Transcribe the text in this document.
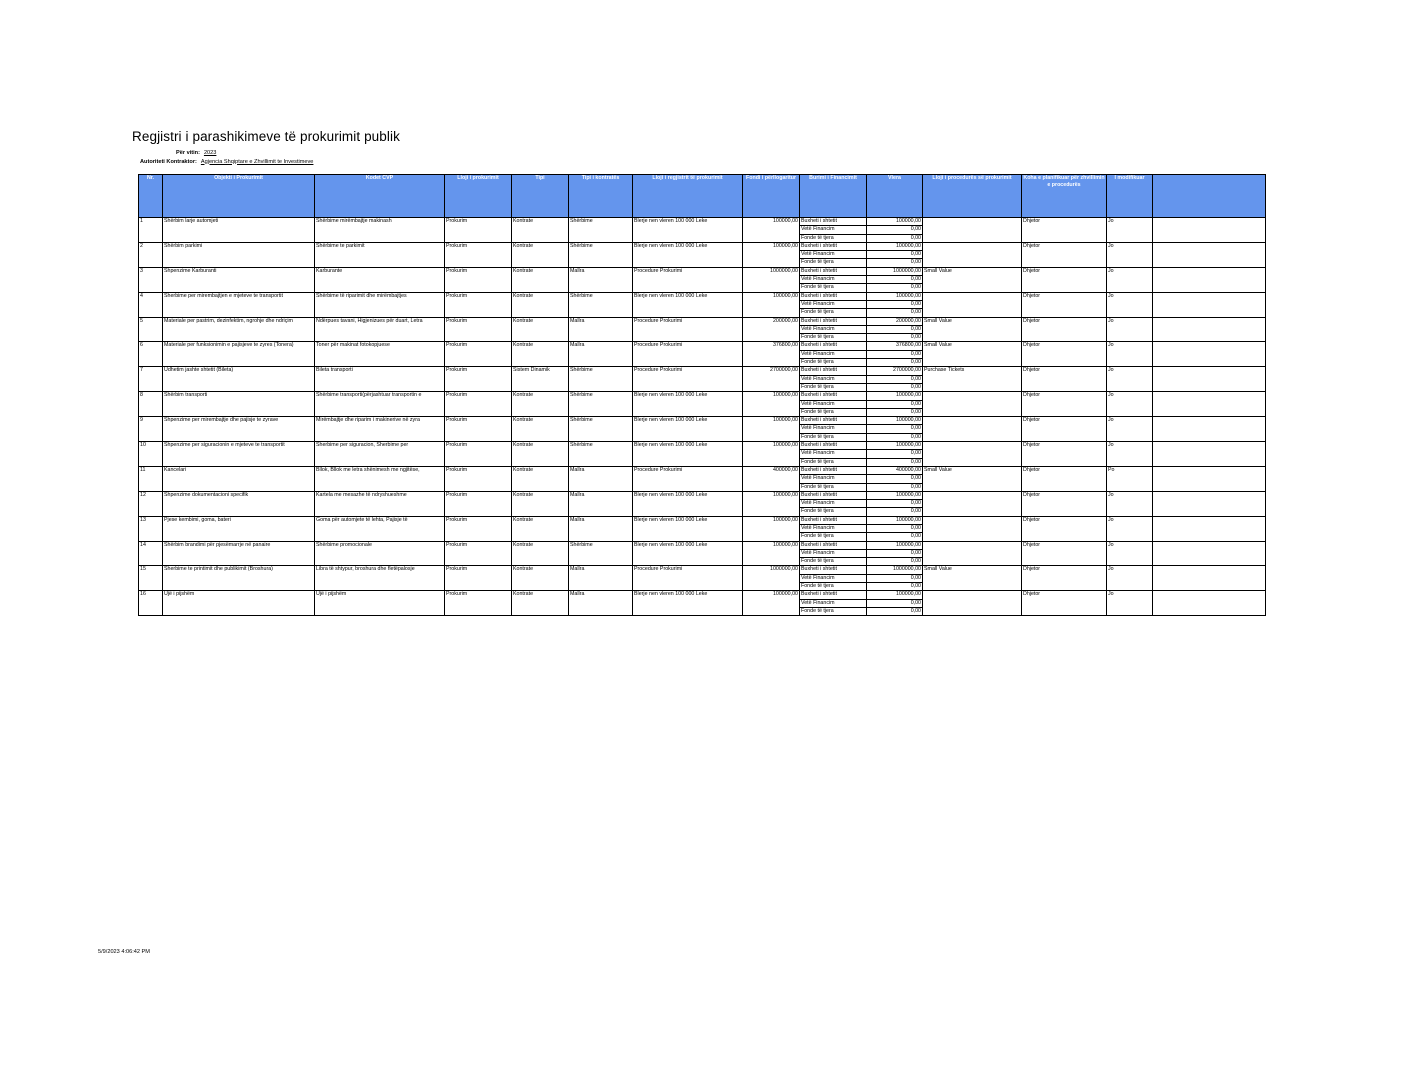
Regjistri i parashikimeve të prokurimit publik
Për vitin: 2023
Autoriteti Kontraktor: Agjencia Shqiptare e Zhvillimit te Investimeve
Nr.	Objekti i Prokurimit	Kodet CVP	Lloji i prokurimit	Tipi	Tipi i kontratës	Lloji i regjistrit të prokurimit	Fondi i përllogaritur	Burimi i Financimit	Vlera	Lloji i procedurës së prokurimit	Koha e planifikuar për zhvillimin e procedurës	I modifikuar	
1	Shërbim larje automjeti	Shërbime mirëmbajtje makinash	Prokurim	Kontrate	Shërbime	Blerje nen vleren 100 000 Leke	100000,00	Buxheti i shtetit	100000,00		Dhjetor	Jo	
								Vetë Financim	0,00				
								Fonde të tjera	0,00				
2	Shërbim parkimi	Shërbime te parkimit	Prokurim	Kontrate	Shërbime	Blerje nen vleren 100 000 Leke	100000,00	Buxheti i shtetit	100000,00		Dhjetor	Jo	
								Vetë Financim	0,00				
								Fonde të tjera	0,00				
3	Shpenzime Karburanti	Karburante	Prokurim	Kontrate	Mallra	Procedure Prokurimi	1000000,00	Buxheti i shtetit	1000000,00	Small Value	Dhjetor	Jo	
								Vetë Financim	0,00				
								Fonde të tjera	0,00				
4	Sherbime per mirembajtjen e mjeteve te transportit	Shërbime të riparimit dhe mirëmbajtjes	Prokurim	Kontrate	Shërbime	Blerje nen vleren 100 000 Leke	100000,00	Buxheti i shtetit	100000,00		Dhjetor	Jo	
								Vetë Financim	0,00				
								Fonde të tjera	0,00				
5	Materiale per pastrim, dezinfektim, ngrohje dhe ndriçim	Ndërpues tavani, Higjenizues për duart, Letra	Prokurim	Kontrate	Mallra	Procedure Prokurimi	200000,00	Buxheti i shtetit	200000,00	Small Value	Dhjetor	Jo	
								Vetë Financim	0,00				
								Fonde të tjera	0,00				
6	Materiale per funksionimin e pajisjeve te zyres (Tonera)	Toner për makinat fotokopjuese	Prokurim	Kontrate	Mallra	Procedure Prokurimi	376800,00	Buxheti i shtetit	376800,00	Small Value	Dhjetor	Jo	
								Vetë Financim	0,00				
								Fonde të tjera	0,00				
7	Udhetim jashte shtetit (Bileta)	Bileta transporti	Prokurim	Sistem Dinamik	Shërbime	Procedure Prokurimi	2700000,00	Buxheti i shtetit	2700000,00	Purchase Tickets	Dhjetor	Jo	
								Vetë Financim	0,00				
								Fonde të tjera	0,00				
8	Shërbim transporti	Shërbime transporti(përjashtuar transportin e	Prokurim	Kontrate	Shërbime	Blerje nen vleren 100 000 Leke	100000,00	Buxheti i shtetit	100000,00		Dhjetor	Jo	
								Vetë Financim	0,00				
								Fonde të tjera	0,00				
9	Shpenzime per mirembajtje dhe pajisje te zyrave	Mirëmbajtje dhe riparim i makinerive në zyra	Prokurim	Kontrate	Shërbime	Blerje nen vleren 100 000 Leke	100000,00	Buxheti i shtetit	100000,00		Dhjetor	Jo	
								Vetë Financim	0,00				
								Fonde të tjera	0,00				
10	Shpenzime per siguracionin e mjeteve te transportit	Sherbime per siguracion, Sherbime per	Prokurim	Kontrate	Shërbime	Blerje nen vleren 100 000 Leke	100000,00	Buxheti i shtetit	100000,00		Dhjetor	Jo	
								Vetë Financim	0,00				
								Fonde të tjera	0,00				
11	Kancelari	Bllok, Bllok me letra shënimesh me ngjitëse,	Prokurim	Kontrate	Mallra	Procedure Prokurimi	400000,00	Buxheti i shtetit	400000,00	Small Value	Dhjetor	Po	
								Vetë Financim	0,00				
								Fonde të tjera	0,00				
12	Shpenzime dokumentacioni specifik	Kartela me mesazhe të ndryshueshme	Prokurim	Kontrate	Mallra	Blerje nen vleren 100 000 Leke	100000,00	Buxheti i shtetit	100000,00		Dhjetor	Jo	
								Vetë Financim	0,00				
								Fonde të tjera	0,00				
13	Pjese kembimi, goma, bateri	Goma për automjete të lehta, Pajisje të	Prokurim	Kontrate	Mallra	Blerje nen vleren 100 000 Leke	100000,00	Buxheti i shtetit	100000,00		Dhjetor	Jo	
								Vetë Financim	0,00				
								Fonde të tjera	0,00				
14	Shërbim brandimi për pjesëmarrje në panaire	Shërbime promocionale	Prokurim	Kontrate	Shërbime	Blerje nen vleren 100 000 Leke	100000,00	Buxheti i shtetit	100000,00		Dhjetor	Jo	
								Vetë Financim	0,00				
								Fonde të tjera	0,00				
15	Sherbime te printimit dhe publikimit (Broshura)	Libra të shtypur, broshura dhe fletëpalosje	Prokurim	Kontrate	Mallra	Procedure Prokurimi	1000000,00	Buxheti i shtetit	1000000,00	Small Value	Dhjetor	Jo	
								Vetë Financim	0,00				
								Fonde të tjera	0,00				
16	Ujë i pijshëm	Ujë i pijshëm	Prokurim	Kontrate	Mallra	Blerje nen vleren 100 000 Leke	100000,00	Buxheti i shtetit	100000,00		Dhjetor	Jo	
								Vetë Financim	0,00				
								Fonde të tjera	0,00				
5/9/2023 4:06:42 PM
